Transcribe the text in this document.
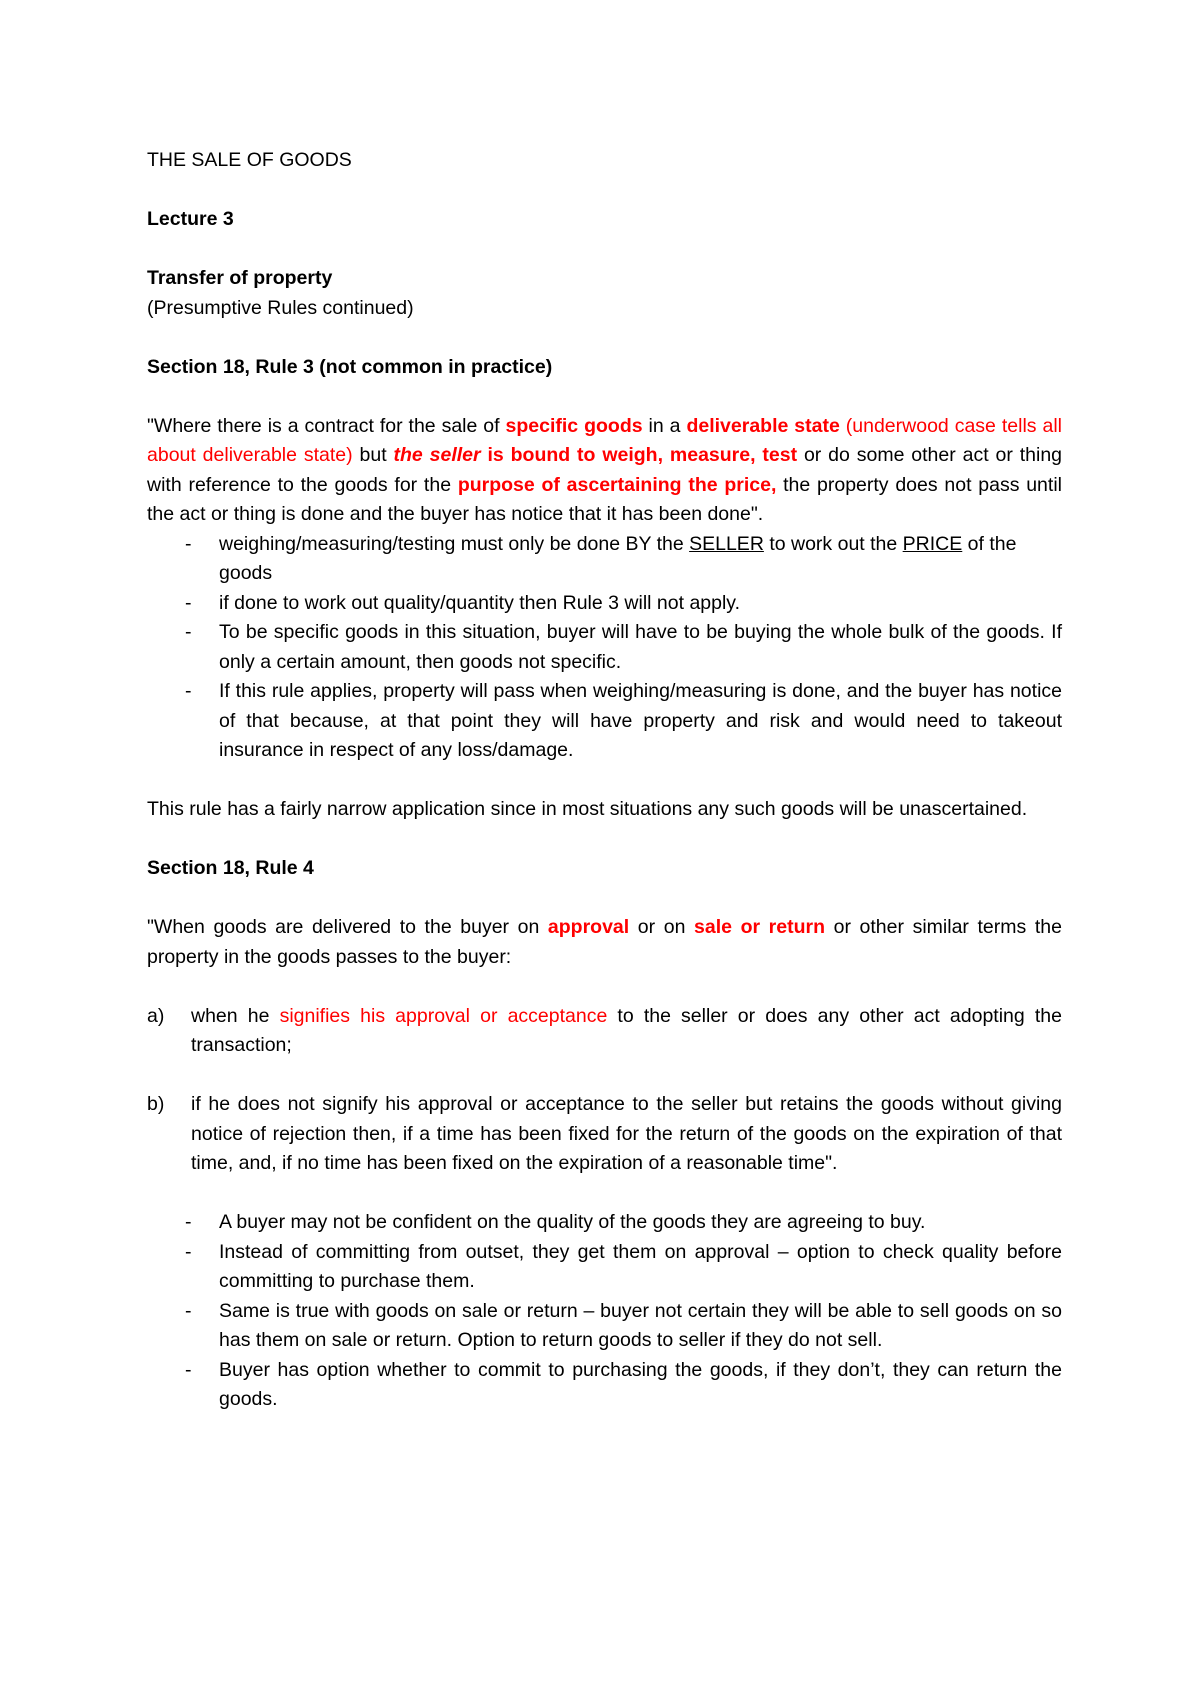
THE SALE OF GOODS

Lecture 3

Transfer of property

(Presumptive Rules continued)

Section 18, Rule 3 (not common in practice)

"Where there is a contract for the sale of specific goods in a deliverable state (underwood case tells all about deliverable state) but the seller is bound to weigh, measure, test or do some other act or thing with reference to the goods for the purpose of ascertaining the price, the property does not pass until the act or thing is done and the buyer has notice that it has been done".

- weighing/measuring/testing must only be done BY the SELLER to work out the PRICE of the goods
- if done to work out quality/quantity then Rule 3 will not apply.
- To be specific goods in this situation, buyer will have to be buying the whole bulk of the goods. If only a certain amount, then goods not specific.
- If this rule applies, property will pass when weighing/measuring is done, and the buyer has notice of that because, at that point they will have property and risk and would need to takeout insurance in respect of any loss/damage.

This rule has a fairly narrow application since in most situations any such goods will be unascertained.

Section 18, Rule 4

"When goods are delivered to the buyer on approval or on sale or return or other similar terms the property in the goods passes to the buyer:

a) when he signifies his approval or acceptance to the seller or does any other act adopting the transaction;
b) if he does not signify his approval or acceptance to the seller but retains the goods without giving notice of rejection then, if a time has been fixed for the return of the goods on the expiration of that time, and, if no time has been fixed on the expiration of a reasonable time".
- A buyer may not be confident on the quality of the goods they are agreeing to buy.
- Instead of committing from outset, they get them on approval – option to check quality before committing to purchase them.
- Same is true with goods on sale or return – buyer not certain they will be able to sell goods on so has them on sale or return. Option to return goods to seller if they do not sell.
- Buyer has option whether to commit to purchasing the goods, if they don’t, they can return the goods.
